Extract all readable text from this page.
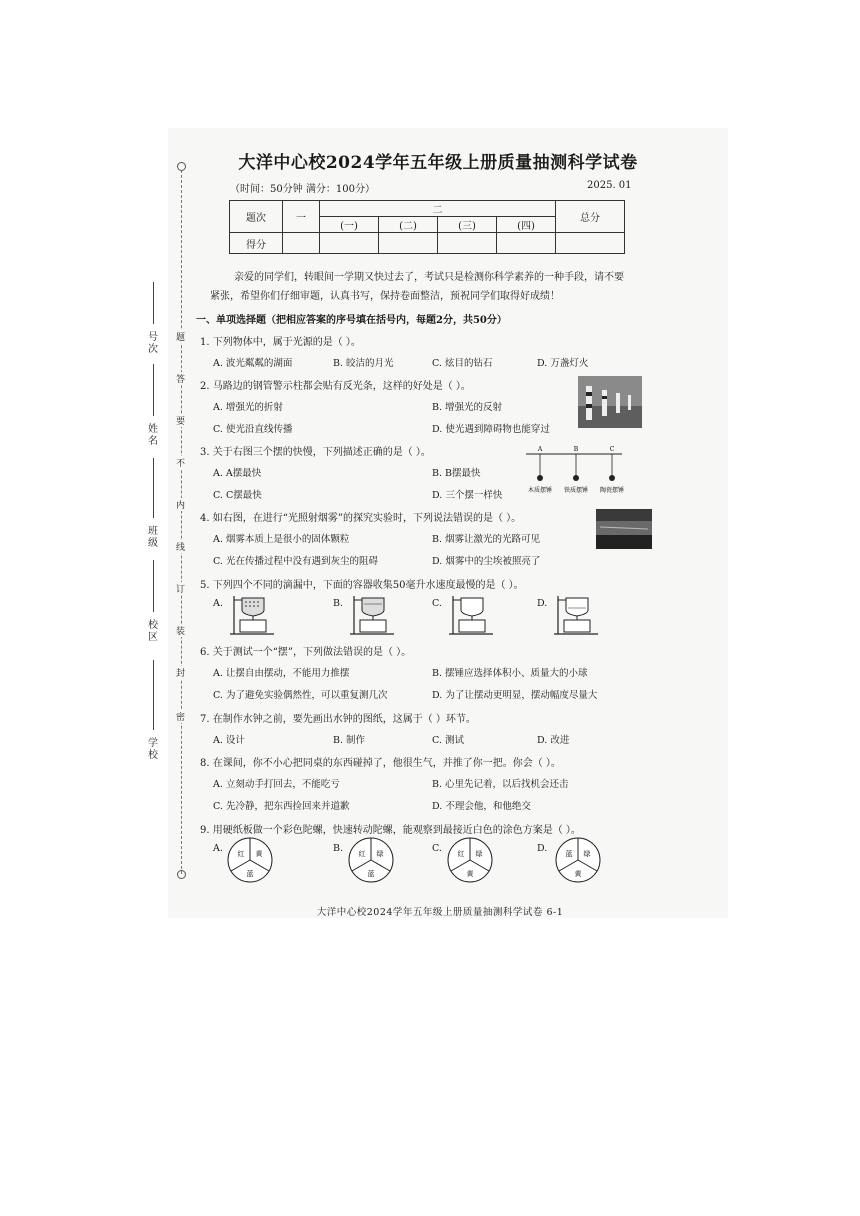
题
答
要
不
内
线
订
装
封
密
号次
姓名
班级
校区
学校
大洋中心校2024学年五年级上册质量抽测科学试卷
（时间：50分钟 满分：100分）	2025. 01
题次	一	二				总分
		(一)	(二)	(三)	(四)	
得分						
亲爱的同学们，转眼间一学期又快过去了，考试只是检测你科学素养的一种手段，请不要紧张，希望你们仔细审题，认真书写，保持卷面整洁，预祝同学们取得好成绩！
一、单项选择题（把相应答案的序号填在括号内，每题2分，共50分）
1. 下列物体中，属于光源的是（ ）。
A. 波光粼粼的湖面	B. 皎洁的月光	C. 炫目的钻石	D. 万盏灯火
2. 马路边的钢管警示柱都会贴有反光条，这样的好处是（ ）。
A. 增强光的折射	B. 增强光的反射
C. 使光沿直线传播	D. 使光遇到障碍物也能穿过
3. 关于右图三个摆的快慢，下列描述正确的是（ ）。
A. A摆最快	B. B摆最快
C. C摆最快	D. 三个摆一样快
A	B	C
木质摆锤 铁质摆锤 陶瓷摆锤
4. 如右图，在进行“光照射烟雾”的探究实验时，下列说法错误的是（ ）。
A. 烟雾本质上是很小的固体颗粒	B. 烟雾让激光的光路可见
C. 光在传播过程中没有遇到灰尘的阻碍	D. 烟雾中的尘埃被照亮了
5. 下列四个不同的滴漏中，下面的容器收集50毫升水速度最慢的是（ ）。
A.	B.	C.	D.
6. 关于测试一个“摆”，下列做法错误的是（ ）。
A. 让摆自由摆动，不能用力推摆	B. 摆锤应选择体积小、质量大的小球
C. 为了避免实验偶然性，可以重复测几次	D. 为了让摆动更明显，摆动幅度尽量大
7. 在制作水钟之前，要先画出水钟的图纸，这属于（ ）环节。
A. 设计	B. 制作	C. 测试	D. 改进
8. 在课间，你不小心把同桌的东西碰掉了，他很生气，并推了你一把。你会（ ）。
A. 立刻动手打回去，不能吃亏	B. 心里先记着，以后找机会还击
C. 先冷静，把东西捡回来并道歉	D. 不理会他，和他绝交
9. 用硬纸板做一个彩色陀螺，快速转动陀螺，能观察到最接近白色的涂色方案是（ ）。
A.	B.	C.	D.
红 黄
蓝
红 绿
蓝
红 绿
黄
蓝 绿
黄
大洋中心校2024学年五年级上册质量抽测科学试卷 6-1
